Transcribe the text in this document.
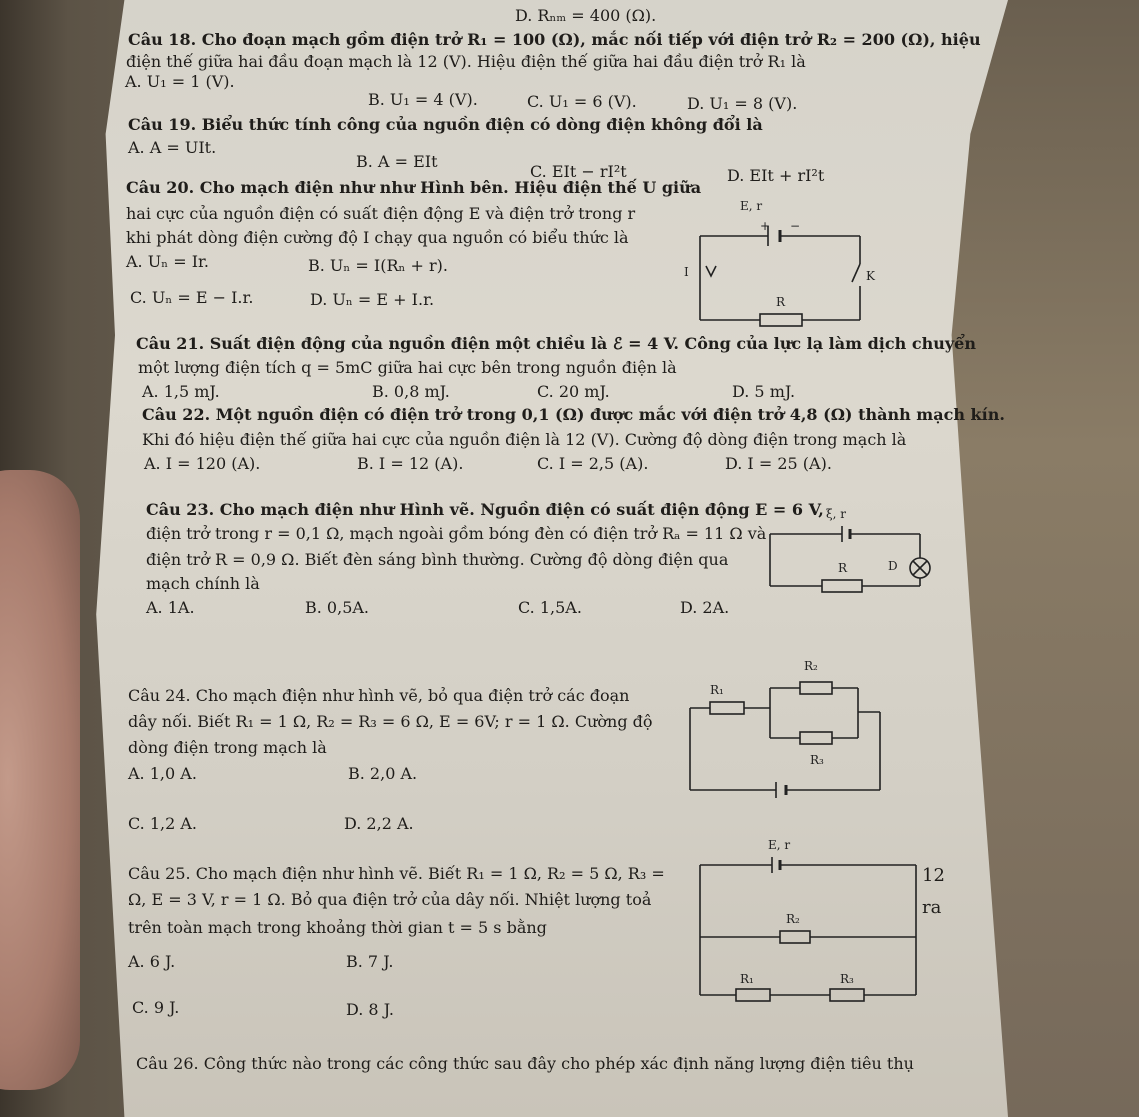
D. Rₙₘ = 400 (Ω).
Câu 18. Cho đoạn mạch gồm điện trở R₁ = 100 (Ω), mắc nối tiếp với điện trở R₂ = 200 (Ω), hiệu
điện thế giữa hai đầu đoạn mạch là 12 (V). Hiệu điện thế giữa hai đầu điện trở R₁ là
A. U₁ = 1 (V).
B. U₁ = 4 (V).	C. U₁ = 6 (V).	D. U₁ = 8 (V).
Câu 19. Biểu thức tính công của nguồn điện có dòng điện không đổi là
A. A = UIt.
B. A = EIt
C. EIt − rI²t	D. EIt + rI²t
Câu 20. Cho mạch điện như như Hình bên. Hiệu điện thế U giữa
hai cực của nguồn điện có suất điện động E và điện trở trong r
khi phát dòng điện cường độ I chạy qua nguồn có biểu thức là
A. Uₙ = Ir.	B. Uₙ = I(Rₙ + r).
C. Uₙ = E − I.r.	D. Uₙ = E + I.r.
Câu 21. Suất điện động của nguồn điện một chiều là ℰ = 4 V. Công của lực lạ làm dịch chuyển
một lượng điện tích q = 5mC giữa hai cực bên trong nguồn điện là
A. 1,5 mJ.	B. 0,8 mJ.	C. 20 mJ.	D. 5 mJ.
Câu 22. Một nguồn điện có điện trở trong 0,1 (Ω) được mắc với điện trở 4,8 (Ω) thành mạch kín.
Khi đó hiệu điện thế giữa hai cực của nguồn điện là 12 (V). Cường độ dòng điện trong mạch là
A. I = 120 (A).	B. I = 12 (A).	C. I = 2,5 (A).	D. I = 25 (A).
Câu 23. Cho mạch điện như Hình vẽ. Nguồn điện có suất điện động E = 6 V,
điện trở trong r = 0,1 Ω, mạch ngoài gồm bóng đèn có điện trở Rₐ = 11 Ω và
điện trở R = 0,9 Ω. Biết đèn sáng bình thường. Cường độ dòng điện qua
mạch chính là
A. 1A.	B. 0,5A.	C. 1,5A.	D. 2A.
Câu 24. Cho mạch điện như hình vẽ, bỏ qua điện trở các đoạn
dây nối. Biết R₁ = 1 Ω, R₂ = R₃ = 6 Ω, E = 6V; r = 1 Ω. Cường độ
dòng điện trong mạch là
A. 1,0 A.	B. 2,0 A.
C. 1,2 A.	D. 2,2 A.
Câu 25. Cho mạch điện như hình vẽ. Biết R₁ = 1 Ω, R₂ = 5 Ω, R₃ =
Ω, E = 3 V, r = 1 Ω. Bỏ qua điện trở của dây nối. Nhiệt lượng toả
trên toàn mạch trong khoảng thời gian t = 5 s bằng
A. 6 J.	B. 7 J.
C. 9 J.	D. 8 J.
Câu 26. Công thức nào trong các công thức sau đây cho phép xác định năng lượng điện tiêu thụ
E, r
+ −
I	K
R
ξ, r
R	D
R₁
R₂
R₃
E, r
R₂
R₁	R₃
12
ra
